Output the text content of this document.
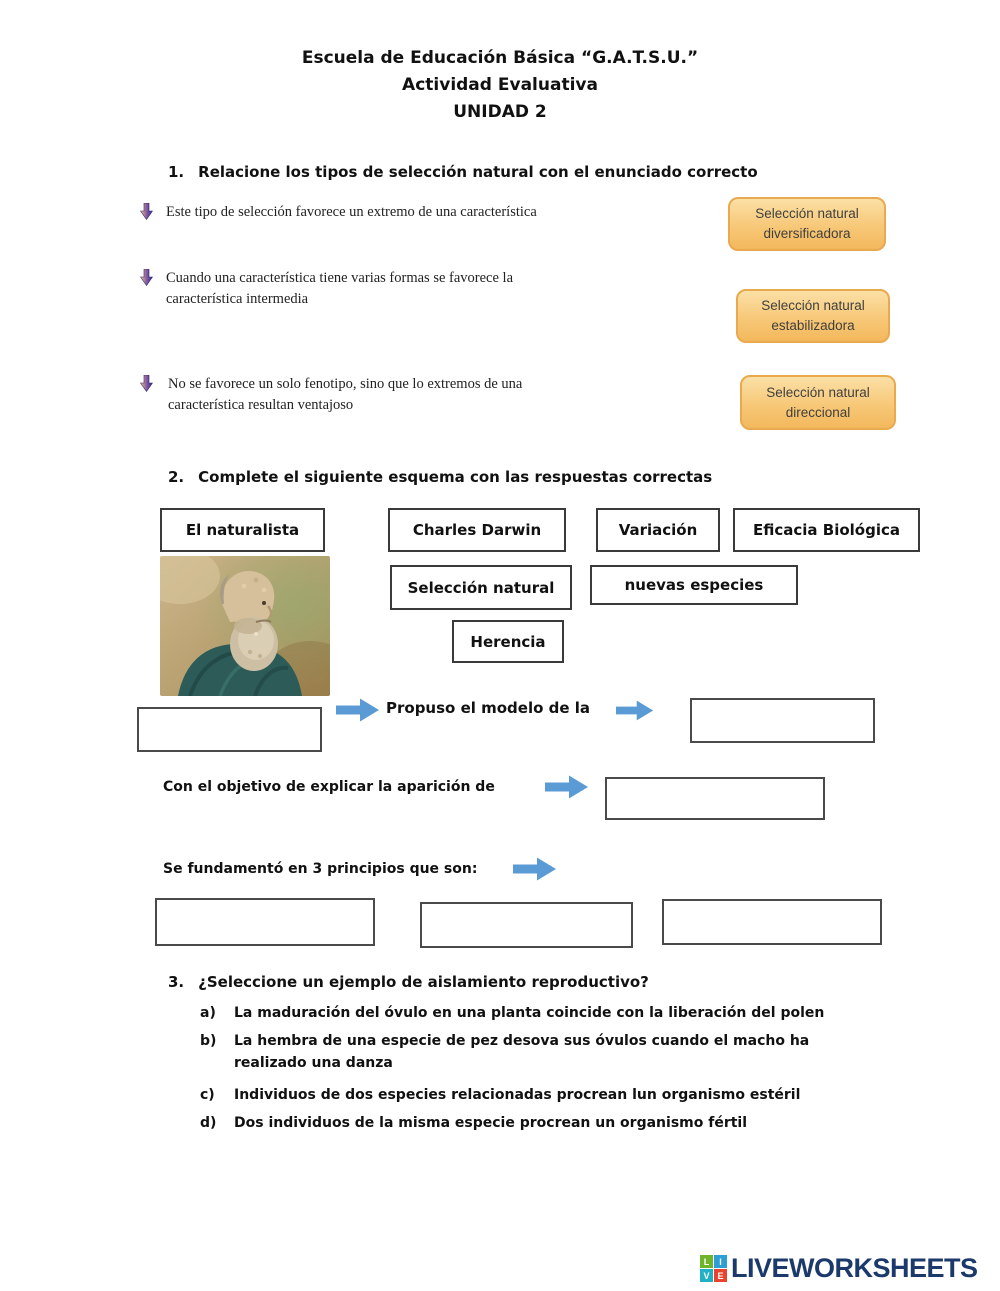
Escuela de Educación Básica “G.A.T.S.U.”
Actividad Evaluativa
UNIDAD 2
1. Relacione los tipos de selección natural con el enunciado correcto
Este tipo de selección favorece un extremo de una característica
Cuando una característica tiene varias formas se favorece la característica intermedia
No se favorece un solo fenotipo, sino que lo extremos de una característica resultan ventajoso
Selección natural
diversificadora
Selección natural
estabilizadora
Selección natural
direccional
2. Complete el siguiente esquema con las respuestas correctas
El naturalista	Charles Darwin	Variación	Eficacia Biológica
Selección natural	nuevas especies
Herencia
Propuso el modelo de la
Con el objetivo de explicar la aparición de
Se fundamentó en 3 principios que son:
3. ¿Seleccione un ejemplo de aislamiento reproductivo?
a)	La maduración del óvulo en una planta coincide con la liberación del polen
b)	La hembra de una especie de pez desova sus óvulos cuando el macho ha realizado una danza
c)	Individuos de dos especies relacionadas procrean lun organismo estéril
d)	Dos individuos de la misma especie procrean un organismo fértil
L	I
V E LIVEWORKSHEETS
